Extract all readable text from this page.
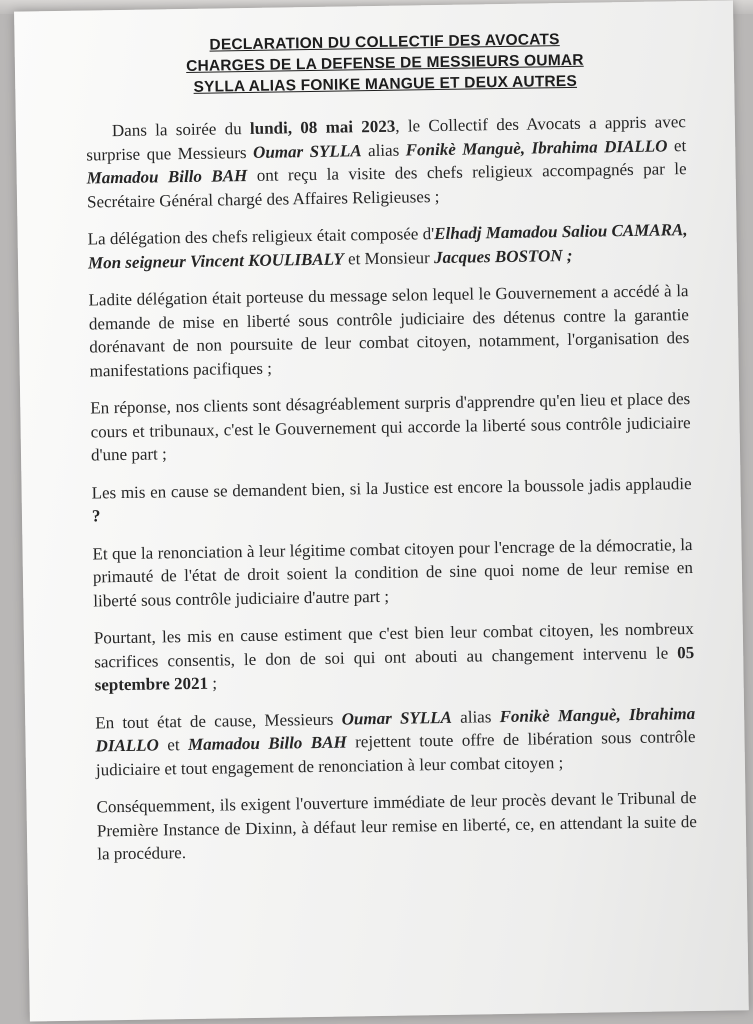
DECLARATION DU COLLECTIF DES AVOCATS
CHARGES DE LA DEFENSE DE MESSIEURS OUMAR
SYLLA ALIAS FONIKE MANGUE ET DEUX AUTRES

Dans la soirée du lundi, 08 mai 2023, le Collectif des Avocats a appris avec surprise que Messieurs Oumar SYLLA alias Fonikè Manguè, Ibrahima DIALLO et Mamadou Billo BAH ont reçu la visite des chefs religieux accompagnés par le Secrétaire Général chargé des Affaires Religieuses ;

La délégation des chefs religieux était composée d'Elhadj Mamadou Saliou CAMARA, Mon seigneur Vincent KOULIBALY et Monsieur Jacques BOSTON ;

Ladite délégation était porteuse du message selon lequel le Gouvernement a accédé à la demande de mise en liberté sous contrôle judiciaire des détenus contre la garantie dorénavant de non poursuite de leur combat citoyen, notamment, l'organisation des manifestations pacifiques ;

En réponse, nos clients sont désagréablement surpris d'apprendre qu'en lieu et place des cours et tribunaux, c'est le Gouvernement qui accorde la liberté sous contrôle judiciaire d'une part ;

Les mis en cause se demandent bien, si la Justice est encore la boussole jadis applaudie ?

Et que la renonciation à leur légitime combat citoyen pour l'encrage de la démocratie, la primauté de l'état de droit soient la condition de sine quoi nome de leur remise en liberté sous contrôle judiciaire d'autre part ;

Pourtant, les mis en cause estiment que c'est bien leur combat citoyen, les nombreux sacrifices consentis, le don de soi qui ont abouti au changement intervenu le 05 septembre 2021 ;

En tout état de cause, Messieurs Oumar SYLLA alias Fonikè Manguè, Ibrahima DIALLO et Mamadou Billo BAH rejettent toute offre de libération sous contrôle judiciaire et tout engagement de renonciation à leur combat citoyen ;

Conséquemment, ils exigent l'ouverture immédiate de leur procès devant le Tribunal de Première Instance de Dixinn, à défaut leur remise en liberté, ce, en attendant la suite de la procédure.
